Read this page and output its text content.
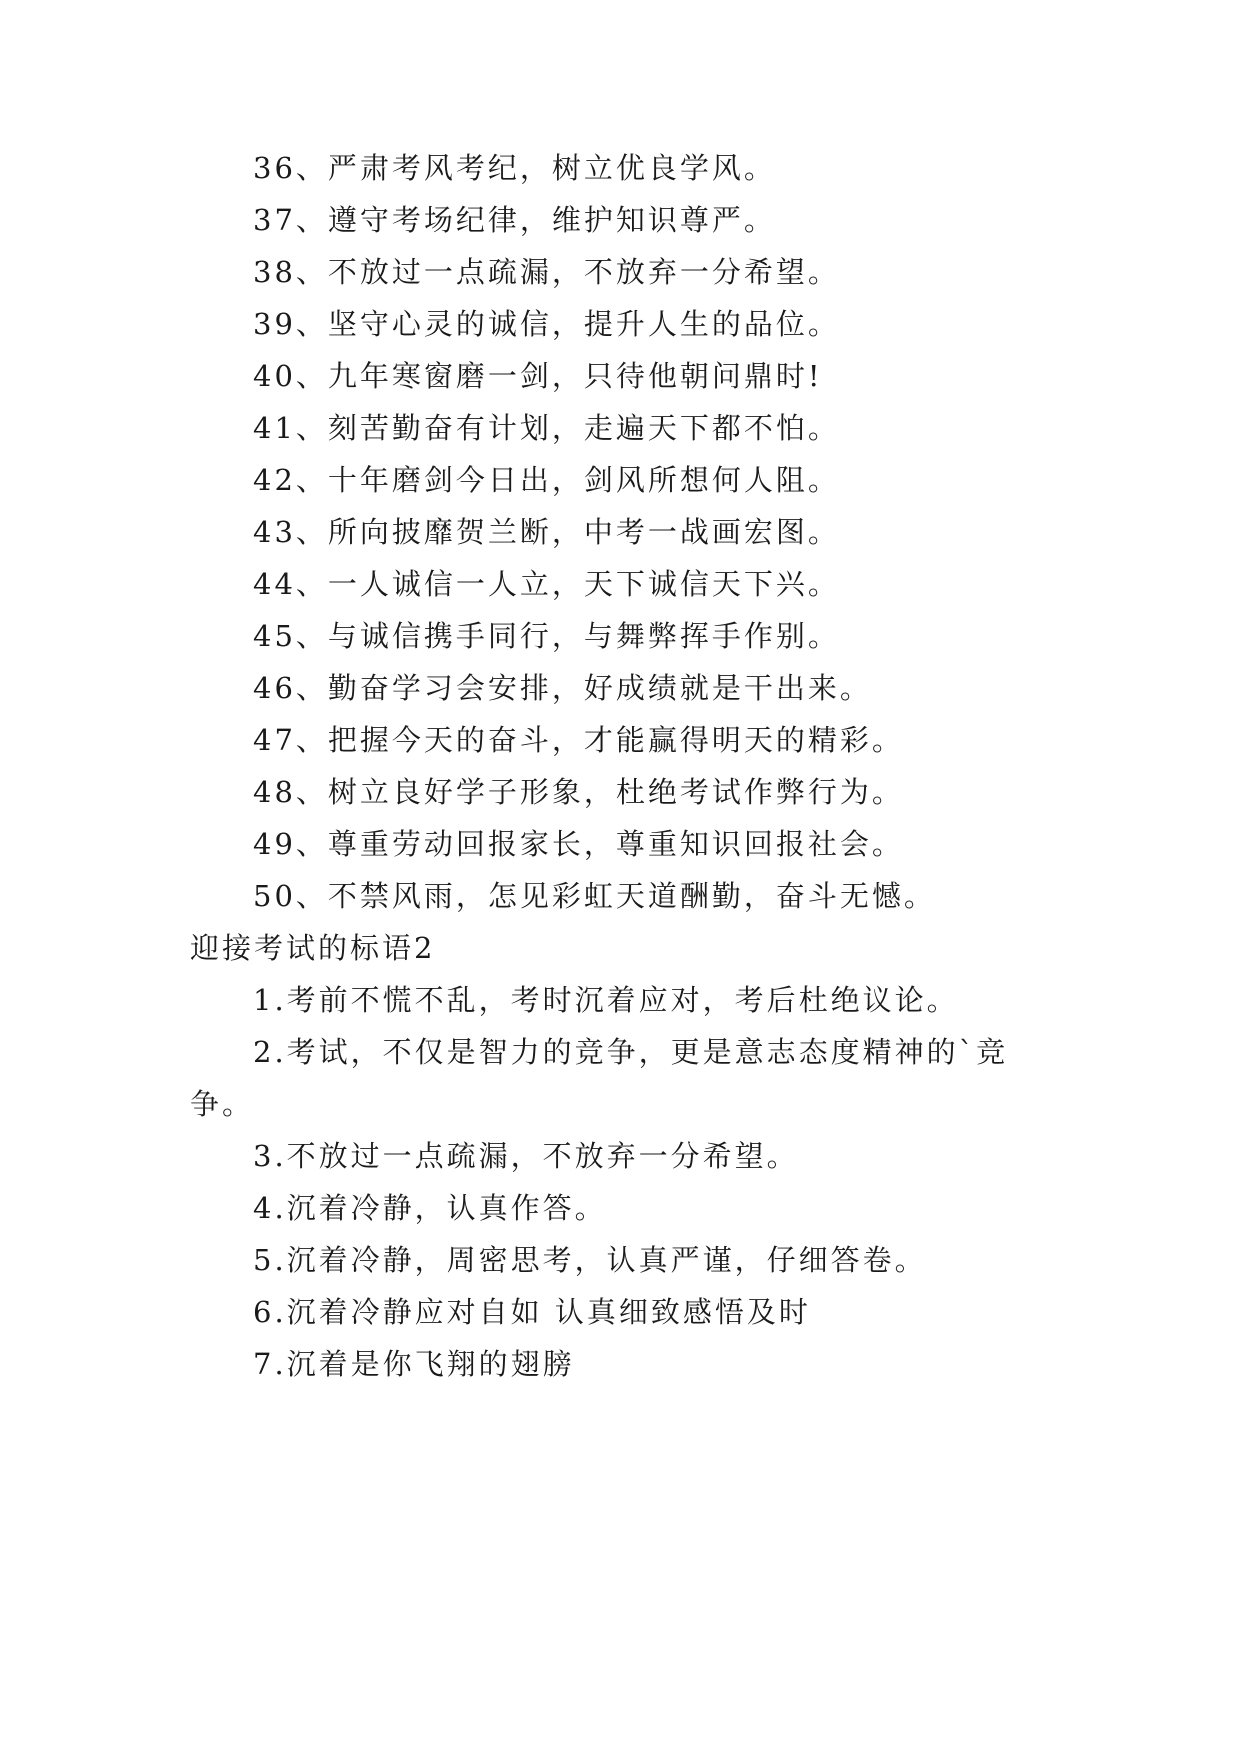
36、严肃考风考纪，树立优良学风。
37、遵守考场纪律，维护知识尊严。
38、不放过一点疏漏，不放弃一分希望。
39、坚守心灵的诚信，提升人生的品位。
40、九年寒窗磨一剑，只待他朝问鼎时!
41、刻苦勤奋有计划，走遍天下都不怕。
42、十年磨剑今日出，剑风所想何人阻。
43、所向披靡贺兰断，中考一战画宏图。
44、一人诚信一人立，天下诚信天下兴。
45、与诚信携手同行，与舞弊挥手作别。
46、勤奋学习会安排，好成绩就是干出来。
47、把握今天的奋斗，才能赢得明天的精彩。
48、树立良好学子形象，杜绝考试作弊行为。
49、尊重劳动回报家长，尊重知识回报社会。
50、不禁风雨，怎见彩虹天道酬勤，奋斗无憾。
迎接考试的标语2
1.考前不慌不乱，考时沉着应对，考后杜绝议论。
2.考试，不仅是智力的竞争，更是意志态度精神的`竞
争。
3.不放过一点疏漏，不放弃一分希望。
4.沉着冷静，认真作答。
5.沉着冷静，周密思考，认真严谨，仔细答卷。
6.沉着冷静应对自如 认真细致感悟及时
7.沉着是你飞翔的翅膀
